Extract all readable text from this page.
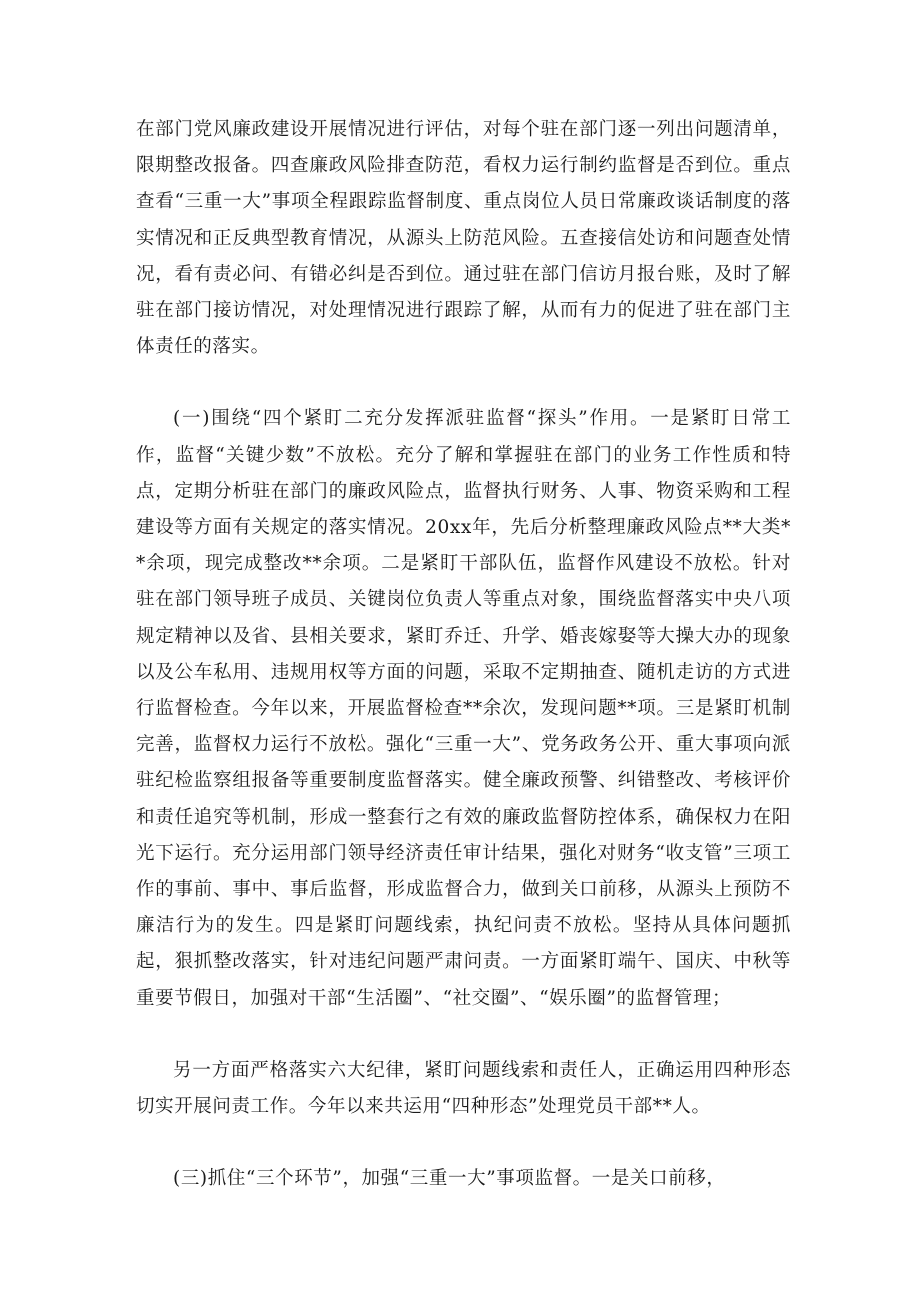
在部门党风廉政建设开展情况进行评估，对每个驻在部门逐一列出问题清单，限期整改报备。四查廉政风险排查防范，看权力运行制约监督是否到位。重点查看“三重一大”事项全程跟踪监督制度、重点岗位人员日常廉政谈话制度的落实情况和正反典型教育情况，从源头上防范风险。五查接信处访和问题查处情况，看有责必问、有错必纠是否到位。通过驻在部门信访月报台账，及时了解驻在部门接访情况，对处理情况进行跟踪了解，从而有力的促进了驻在部门主体责任的落实。

(一)围绕“四个紧盯二充分发挥派驻监督“探头”作用。一是紧盯日常工作，监督“关键少数”不放松。充分了解和掌握驻在部门的业务工作性质和特点，定期分析驻在部门的廉政风险点，监督执行财务、人事、物资采购和工程建设等方面有关规定的落实情况。20xx年，先后分析整理廉政风险点**大类**余项，现完成整改**余项。二是紧盯干部队伍，监督作风建设不放松。针对驻在部门领导班子成员、关键岗位负责人等重点对象，围绕监督落实中央八项规定精神以及省、县相关要求，紧盯乔迁、升学、婚丧嫁娶等大操大办的现象以及公车私用、违规用权等方面的问题，采取不定期抽查、随机走访的方式进行监督检查。今年以来，开展监督检查**余次，发现问题**项。三是紧盯机制完善，监督权力运行不放松。强化“三重一大”、党务政务公开、重大事项向派驻纪检监察组报备等重要制度监督落实。健全廉政预警、纠错整改、考核评价和责任追究等机制，形成一整套行之有效的廉政监督防控体系，确保权力在阳光下运行。充分运用部门领导经济责任审计结果，强化对财务“收支管”三项工作的事前、事中、事后监督，形成监督合力，做到关口前移，从源头上预防不廉洁行为的发生。四是紧盯问题线索，执纪问责不放松。坚持从具体问题抓起，狠抓整改落实，针对违纪问题严肃问责。一方面紧盯端午、国庆、中秋等重要节假日，加强对干部“生活圈”、“社交圈”、“娱乐圈”的监督管理；

另一方面严格落实六大纪律，紧盯问题线索和责任人，正确运用四种形态切实开展问责工作。今年以来共运用“四种形态”处理党员干部**人。

(三)抓住“三个环节”，加强“三重一大”事项监督。一是关口前移，
